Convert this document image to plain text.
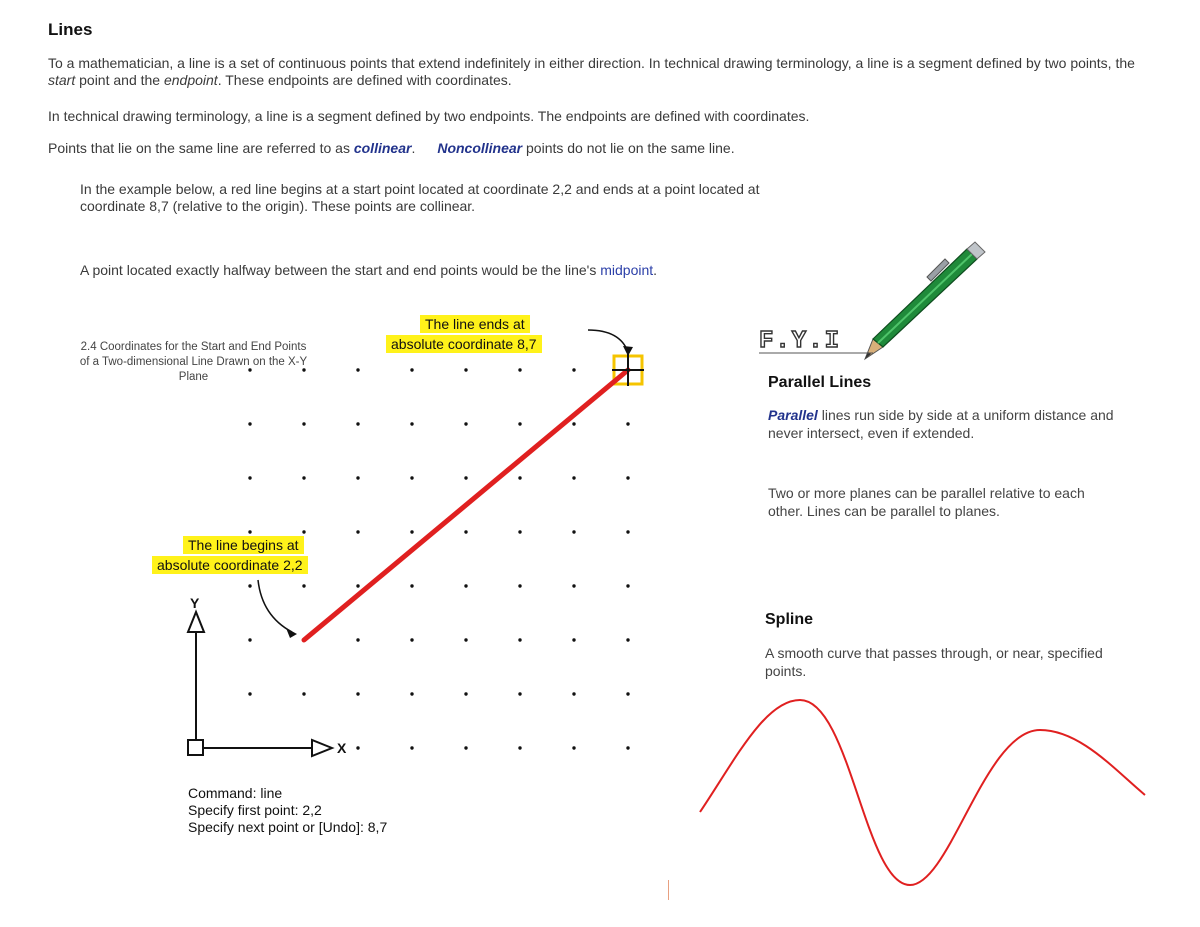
Lines
To a mathematician, a line is a set of continuous points that extend indefinitely in either direction. In technical drawing terminology, a line is a segment defined by two points, the start point and the endpoint. These endpoints are defined with coordinates.
In technical drawing terminology, a line is a segment defined by two endpoints. The endpoints are defined with coordinates.
Points that lie on the same line are referred to as collinear. Noncollinear points do not lie on the same line.
In the example below, a red line begins at a start point located at coordinate 2,2 and ends at a point located at coordinate 8,7 (relative to the origin). These points are collinear.
A point located exactly halfway between the start and end points would be the line's midpoint.
2.4 Coordinates for the Start and End Points of a Two-dimensional Line Drawn on the X-Y Plane
Y
X
The line ends at
absolute coordinate 8,7
The line begins at
absolute coordinate 2,2
Command: line
Specify first point: 2,2
Specify next point or [Undo]: 8,7
F.Y.I
Parallel Lines
Parallel lines run side by side at a uniform distance and never intersect, even if extended.
Two or more planes can be parallel relative to each other. Lines can be parallel to planes.
Spline
A smooth curve that passes through, or near, specified points.
